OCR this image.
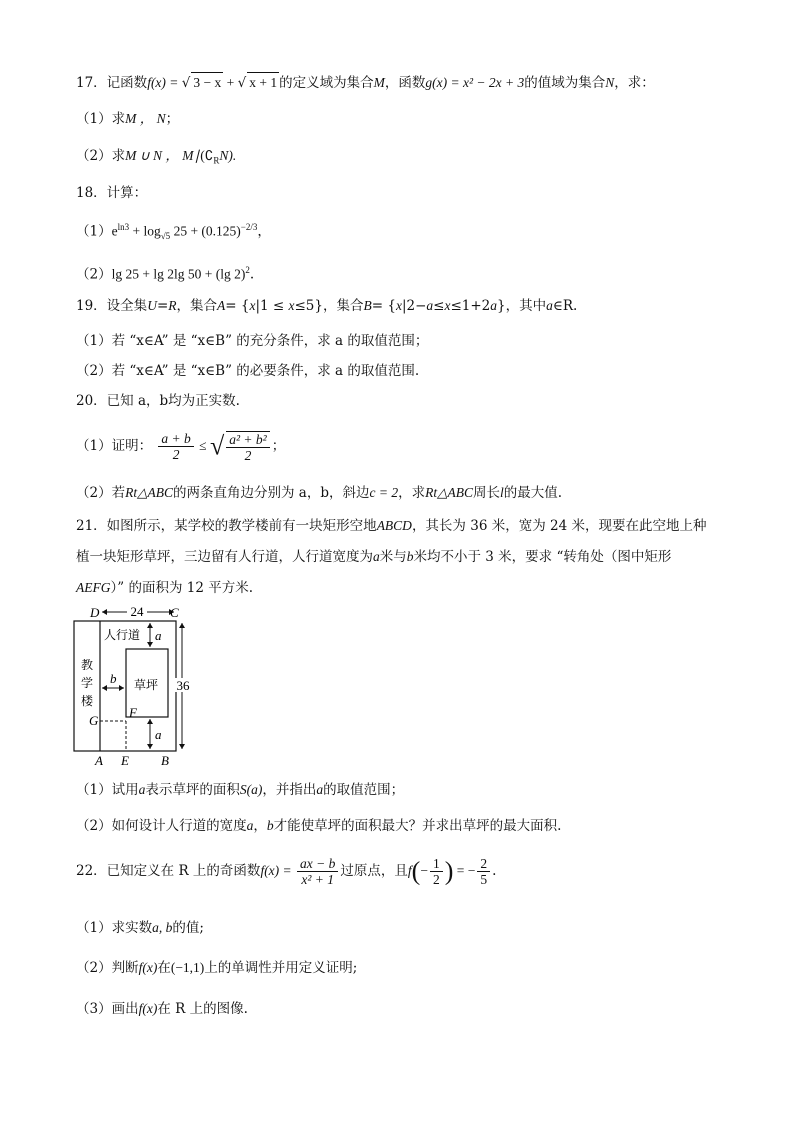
17．记函数f(x) = √ 3 − x + √ x + 1 的定义域为集合M，函数g(x) = x² − 2x + 3的值域为集合N，求：
（1）求M ， N；
（2）求M ∪ N ， $M∣(∁_RN)$.
18．计算：
$(1)e^{ln3} + \log_{√5} 25 + (0.125)^{-2/3}$，
（2）lg 25 + lg 2lg 50 + (lg 2)$^2$.
19．设全集U=R，集合A= {x|1 ≤ x≤5}，集合B= {x|2−a≤x≤1+2a}，其中a∈R.
（1）若 “x∈A” 是 “x∈B” 的充分条件，求 a 的取值范围；
（2）若 “x∈A” 是 “x∈B” 的必要条件，求 a 的取值范围.
20．已知 a，b均为正实数.
（1）证明： $\frac{a + b}{2}$ ≤ √ $\frac{\text{a² + b²}}{2}$ ；
（2）若Rt△ABC的两条直角边分别为 a，b，斜边c = 2，求Rt△ABC周长l的最大值.
21．如图所示，某学校的教学楼前有一块矩形空地ABCD，其长为 36 米，宽为 24 米，现要在此空地上种
植一块矩形草坪，三边留有人行道，人行道宽度为a米与b米均不小于 3 米，要求 “转角处（图中矩形
AEFG）” 的面积为 12 平方米.
24
36
a
a
b
人行道
草坪
教
学
楼
D	C
A E B
G
F
（1）试用a表示草坪的面积S(a)，并指出a的取值范围；
（2）如何设计人行道的宽度a，b才能使草坪的面积最大？并求出草坪的最大面积.
22．已知定义在 R 上的奇函数$f(x) = \frac{ax - b}{\text{x² + 1}}$ 过原点，且$f(- \frac{1}{2}$ ) = − $\frac{2}{5}$ .
（1）求实数a, b的值;
（2）判断f(x)在(−1,1)上的单调性并用定义证明;
（3）画出f(x)在 R 上的图像.
